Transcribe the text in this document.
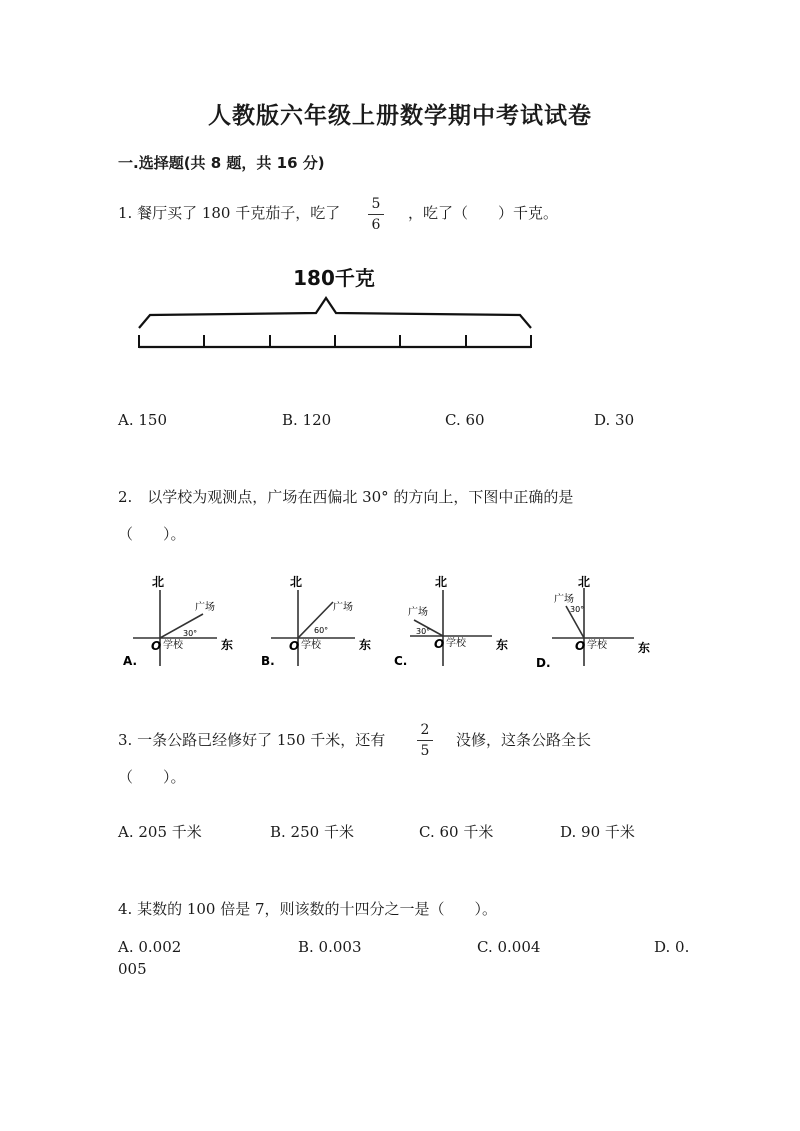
人教版六年级上册数学期中考试试卷
一.选择题(共 8 题，共 16 分)
1. 餐厅买了 180 千克茄子，吃了	5
6
，吃了（　　）千克。
180千克
A. 150	B. 120	C. 60	D. 30
2.　以学校为观测点，广场在西偏北 30° 的方向上，下图中正确的是
（　　）。
北
东
O 学校
广场
30°
A.
北
东
O 学校
广场
60°
B.
北
东
O 学校
广场
30°
C.
北
东
O 学校
广场
30°
D.
3. 一条公路已经修好了 150 千米，还有
2
5
没修，这条公路全长
（　　）。
A. 205 千米	B. 250 千米	C. 60 千米	D. 90 千米
4. 某数的 100 倍是 7，则该数的十四分之一是（　　）。
A. 0.002	B. 0.003	C. 0.004	D. 0.
005
